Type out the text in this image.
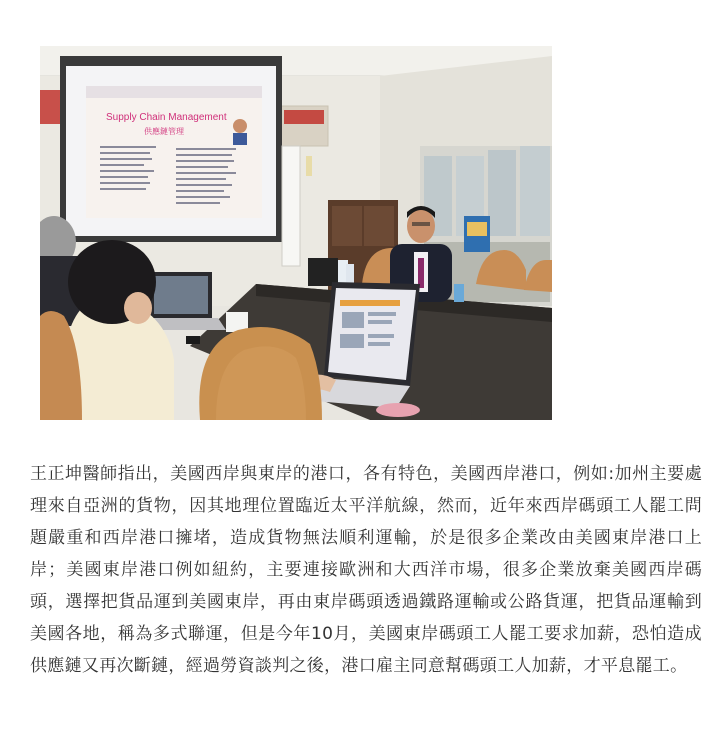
Supply Chain Management
供應鏈管理

王正坤醫師指出，美國西岸與東岸的港口，各有特色，美國西岸港口，例如:加州主要處理來自亞洲的貨物，因其地理位置臨近太平洋航線，然而，近年來西岸碼頭工人罷工問題嚴重和西岸港口擁堵，造成貨物無法順利運輸，於是很多企業改由美國東岸港口上岸；美國東岸港口例如紐約，主要連接歐洲和大西洋市場，很多企業放棄美國西岸碼頭，選擇把貨品運到美國東岸，再由東岸碼頭透過鐵路運輸或公路貨運，把貨品運輸到美國各地，稱為多式聯運，但是今年10月，美國東岸碼頭工人罷工要求加薪，恐怕造成供應鏈又再次斷鏈，經過勞資談判之後，港口雇主同意幫碼頭工人加薪，才平息罷工。
